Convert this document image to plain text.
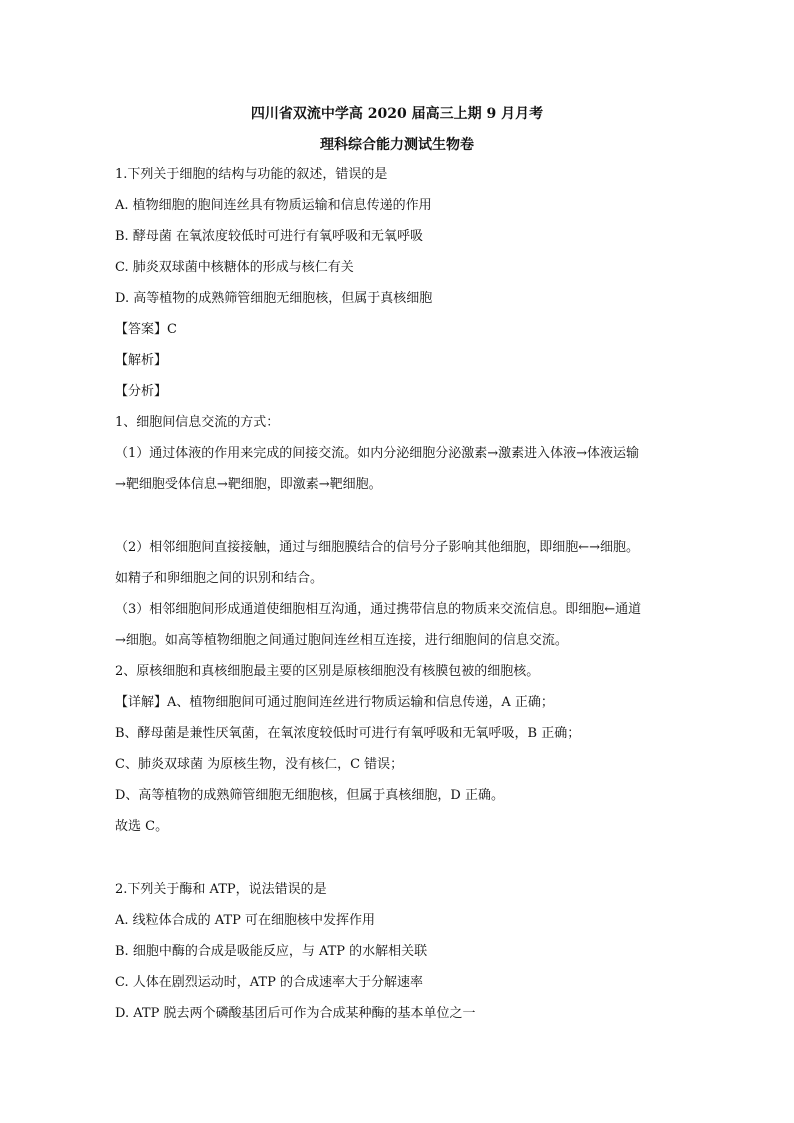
四川省双流中学高 2020 届高三上期 9 月月考
理科综合能力测试生物卷
1.下列关于细胞的结构与功能的叙述，错误的是
A. 植物细胞的胞间连丝具有物质运输和信息传递的作用
B. 酵母菌 在氧浓度较低时可进行有氧呼吸和无氧呼吸
C. 肺炎双球菌中核糖体的形成与核仁有关
D. 高等植物的成熟筛管细胞无细胞核，但属于真核细胞
【答案】C
【解析】
【分析】
1、细胞间信息交流的方式：
（1）通过体液的作用来完成的间接交流。如内分泌细胞分泌激素→激素进入体液→体液运输
→靶细胞受体信息→靶细胞，即激素→靶细胞。
（2）相邻细胞间直接接触，通过与细胞膜结合的信号分子影响其他细胞，即细胞←→细胞。
如精子和卵细胞之间的识别和结合。
（3）相邻细胞间形成通道使细胞相互沟通，通过携带信息的物质来交流信息。即细胞←通道
→细胞。如高等植物细胞之间通过胞间连丝相互连接，进行细胞间的信息交流。
2、原核细胞和真核细胞最主要的区别是原核细胞没有核膜包被的细胞核。
【详解】A、植物细胞间可通过胞间连丝进行物质运输和信息传递，A 正确；
B、酵母菌是兼性厌氧菌，在氧浓度较低时可进行有氧呼吸和无氧呼吸，B 正确；
C、肺炎双球菌 为原核生物，没有核仁，C 错误；
D、高等植物的成熟筛管细胞无细胞核，但属于真核细胞，D 正确。
故选 C。
2.下列关于酶和 ATP，说法错误的是
A. 线粒体合成的 ATP 可在细胞核中发挥作用
B. 细胞中酶的合成是吸能反应，与 ATP 的水解相关联
C. 人体在剧烈运动时，ATP 的合成速率大于分解速率
D. ATP 脱去两个磷酸基团后可作为合成某种酶的基本单位之一
